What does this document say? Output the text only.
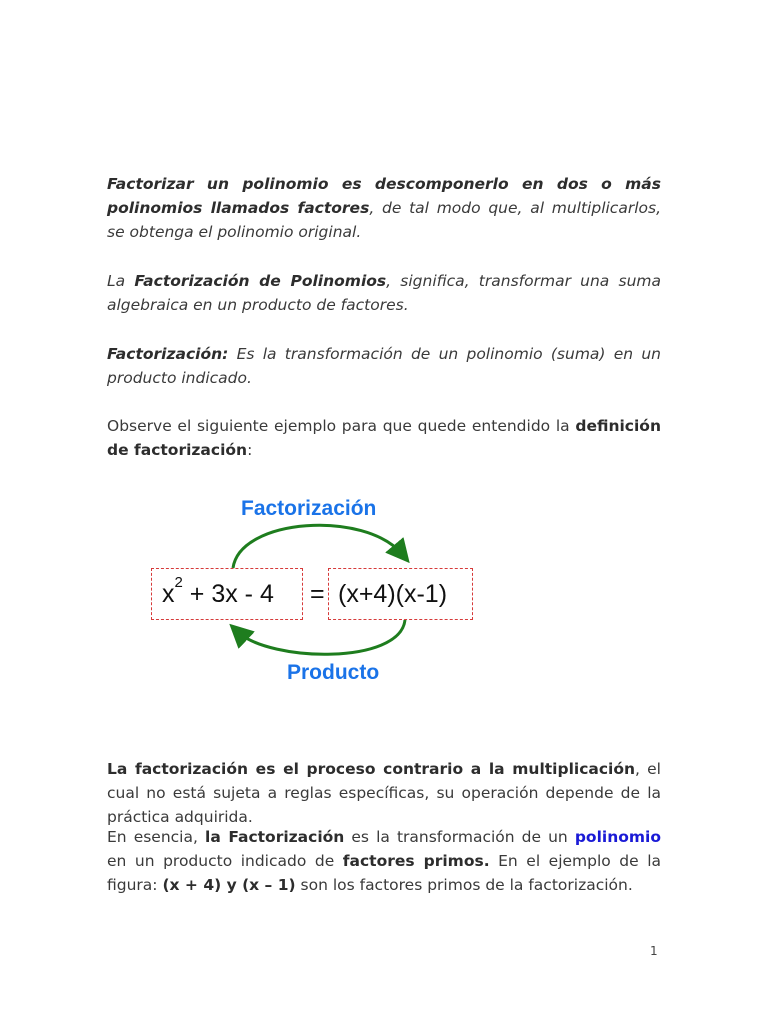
Factorizar un polinomio es descomponerlo en dos o más polinomios llamados factores, de tal modo que, al multiplicarlos, se obtenga el polinomio original.

La Factorización de Polinomios, significa, transformar una suma algebraica en un producto de factores.

Factorización: Es la transformación de un polinomio (suma) en un producto indicado.

Observe el siguiente ejemplo para que quede entendido la definición de factorización:

Factorización
$x^2 + 3x - 4 = (x+4)(x-1)$
Producto

La factorización es el proceso contrario a la multiplicación, el cual no está sujeta a reglas específicas, su operación depende de la práctica adquirida.

En esencia, la Factorización es la transformación de un polinomio en un producto indicado de factores primos. En el ejemplo de la figura: (x + 4) y (x – 1) son los factores primos de la factorización.

1
